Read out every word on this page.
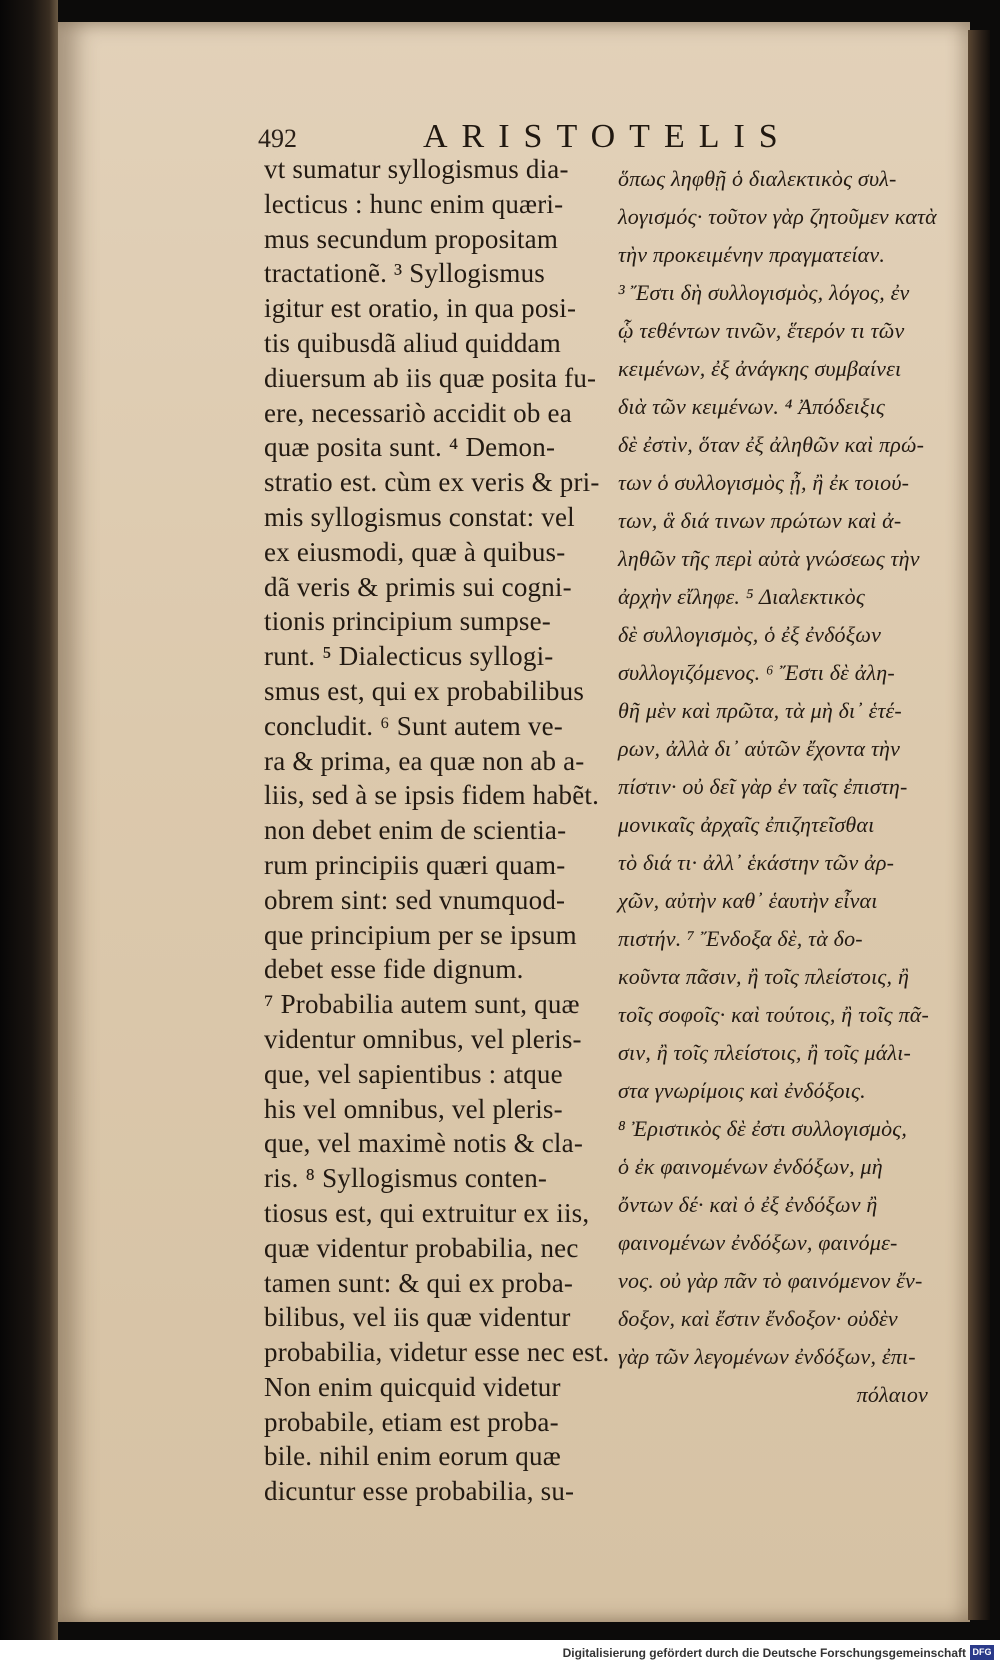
492	ARISTOTELIS
vt sumatur syllogismus dia-
lecticus : hunc enim quæri-
mus secundum propositam
tractationẽ. ³ Syllogismus
igitur est oratio, in qua posi-
tis quibusdã aliud quiddam
diuersum ab iis quæ posita fu-
ere, necessariò accidit ob ea
quæ posita sunt. ⁴ Demon-
stratio est. cùm ex veris & pri-
mis syllogismus constat: vel
ex eiusmodi, quæ à quibus-
dã veris & primis sui cogni-
tionis principium sumpse-
runt. ⁵ Dialecticus syllogi-
smus est, qui ex probabilibus
concludit. ⁶ Sunt autem ve-
ra & prima, ea quæ non ab a-
liis, sed à se ipsis fidem habẽt.
non debet enim de scientia-
rum principiis quæri quam-
obrem sint: sed vnumquod-
que principium per se ipsum
debet esse fide dignum.
⁷ Probabilia autem sunt, quæ
videntur omnibus, vel pleris-
que, vel sapientibus : atque
his vel omnibus, vel pleris-
que, vel maximè notis & cla-
ris. ⁸ Syllogismus conten-
tiosus est, qui extruitur ex iis,
quæ videntur probabilia, nec
tamen sunt: & qui ex proba-
bilibus, vel iis quæ videntur
probabilia, videtur esse nec est.
Non enim quicquid videtur
probabile, etiam est proba-
bile. nihil enim eorum quæ
dicuntur esse probabilia, su-
ὅπως ληφθῇ ὁ διαλεκτικὸς συλ-
λογισμός· τοῦτον γὰρ ζητοῦμεν κατὰ
τὴν προκειμένην πραγματείαν.
³ Ἔστι δὴ συλλογισμὸς, λόγος, ἐν
ᾧ τεθέντων τινῶν, ἕτερόν τι τῶν
κειμένων, ἐξ ἀνάγκης συμβαίνει
διὰ τῶν κειμένων. ⁴ Ἀπόδειξις
δὲ ἐστὶν, ὅταν ἐξ ἀληθῶν καὶ πρώ-
των ὁ συλλογισμὸς ᾖ, ἢ ἐκ τοιού-
των, ἃ διά τινων πρώτων καὶ ἀ-
ληθῶν τῆς περὶ αὐτὰ γνώσεως τὴν
ἀρχὴν εἴληφε. ⁵ Διαλεκτικὸς
δὲ συλλογισμὸς, ὁ ἐξ ἐνδόξων
συλλογιζόμενος. ⁶ Ἔστι δὲ ἀλη-
θῆ μὲν καὶ πρῶτα, τὰ μὴ δι᾽ ἑτέ-
ρων, ἀλλὰ δι᾽ αὑτῶν ἔχοντα τὴν
πίστιν· οὐ δεῖ γὰρ ἐν ταῖς ἐπιστη-
μονικαῖς ἀρχαῖς ἐπιζητεῖσθαι
τὸ διά τι· ἀλλ᾽ ἑκάστην τῶν ἀρ-
χῶν, αὐτὴν καθ᾽ ἑαυτὴν εἶναι
πιστήν. ⁷ Ἔνδοξα δὲ, τὰ δο-
κοῦντα πᾶσιν, ἢ τοῖς πλείστοις, ἢ
τοῖς σοφοῖς· καὶ τούτοις, ἢ τοῖς πᾶ-
σιν, ἢ τοῖς πλείστοις, ἢ τοῖς μάλι-
στα γνωρίμοις καὶ ἐνδόξοις.
⁸ Ἐριστικὸς δὲ ἐστι συλλογισμὸς,
ὁ ἐκ φαινομένων ἐνδόξων, μὴ
ὄντων δέ· καὶ ὁ ἐξ ἐνδόξων ἢ
φαινομένων ἐνδόξων, φαινόμε-
νος. οὐ γὰρ πᾶν τὸ φαινόμενον ἔν-
δοξον, καὶ ἔστιν ἔνδοξον· οὐδὲν
γὰρ τῶν λεγομένων ἐνδόξων, ἐπι-
πόλαιον
Digitalisierung gefördert durch die Deutsche Forschungsgemeinschaft DFG
